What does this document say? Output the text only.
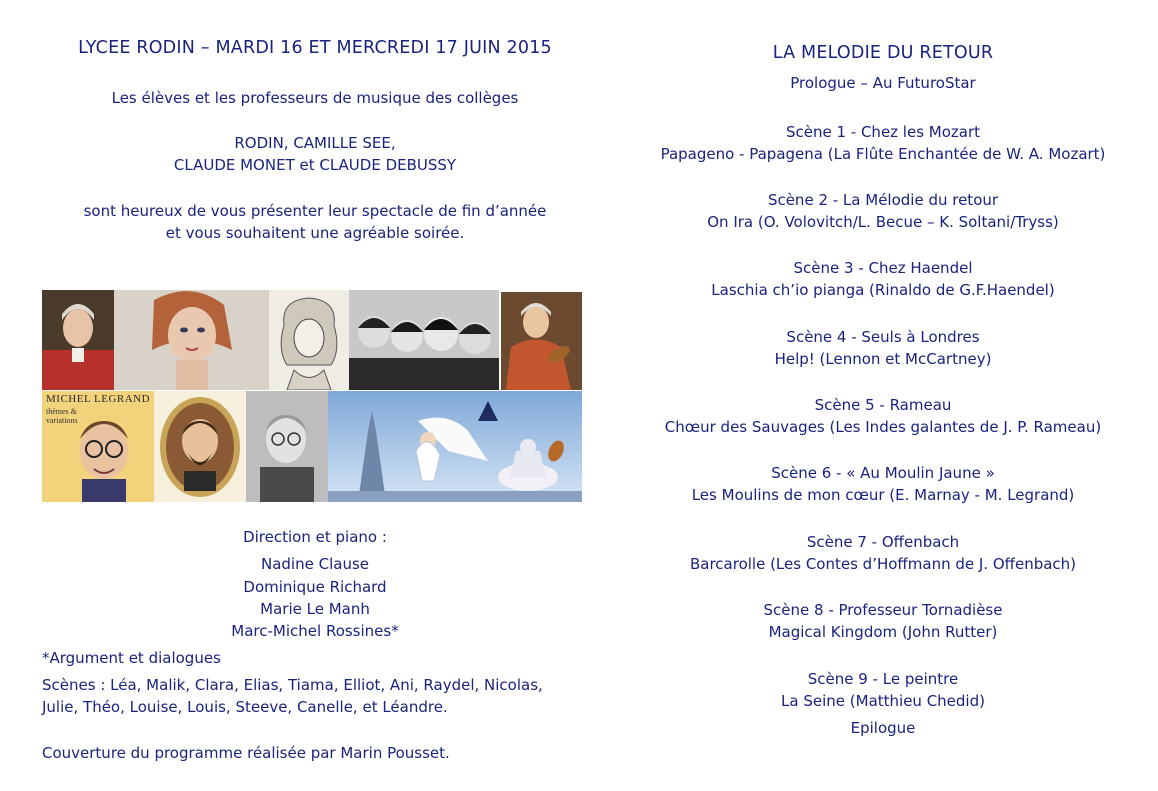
LYCEE RODIN – MARDI 16 ET MERCREDI 17 JUIN 2015
Les élèves et les professeurs de musique des collèges
RODIN, CAMILLE SEE,
CLAUDE MONET et CLAUDE DEBUSSY
sont heureux de vous présenter leur spectacle de fin d’année
et vous souhaitent une agréable soirée.
MICHEL LEGRAND
thèmes & variations
Direction et piano :
Nadine Clause
Dominique Richard
Marie Le Manh
Marc-Michel Rossines*
*Argument et dialogues
Scènes : Léa, Malik, Clara, Elias, Tiama, Elliot, Ani, Raydel, Nicolas,
Julie, Théo, Louise, Louis, Steeve, Canelle, et Léandre.
Couverture du programme réalisée par Marin Pousset.
LA MELODIE DU RETOUR
Prologue – Au FuturoStar
Scène 1 - Chez les Mozart
Papageno - Papagena (La Flûte Enchantée de W. A. Mozart)
Scène 2 - La Mélodie du retour
On Ira (O. Volovitch/L. Becue – K. Soltani/Tryss)
Scène 3 - Chez Haendel
Laschia ch’io pianga (Rinaldo de G.F.Haendel)
Scène 4 - Seuls à Londres
Help! (Lennon et McCartney)
Scène 5 - Rameau
Chœur des Sauvages (Les Indes galantes de J. P. Rameau)
Scène 6 - « Au Moulin Jaune »
Les Moulins de mon cœur (E. Marnay - M. Legrand)
Scène 7 - Offenbach
Barcarolle (Les Contes d’Hoffmann de J. Offenbach)
Scène 8 - Professeur Tornadièse
Magical Kingdom (John Rutter)
Scène 9 - Le peintre
La Seine (Matthieu Chedid)
Epilogue
